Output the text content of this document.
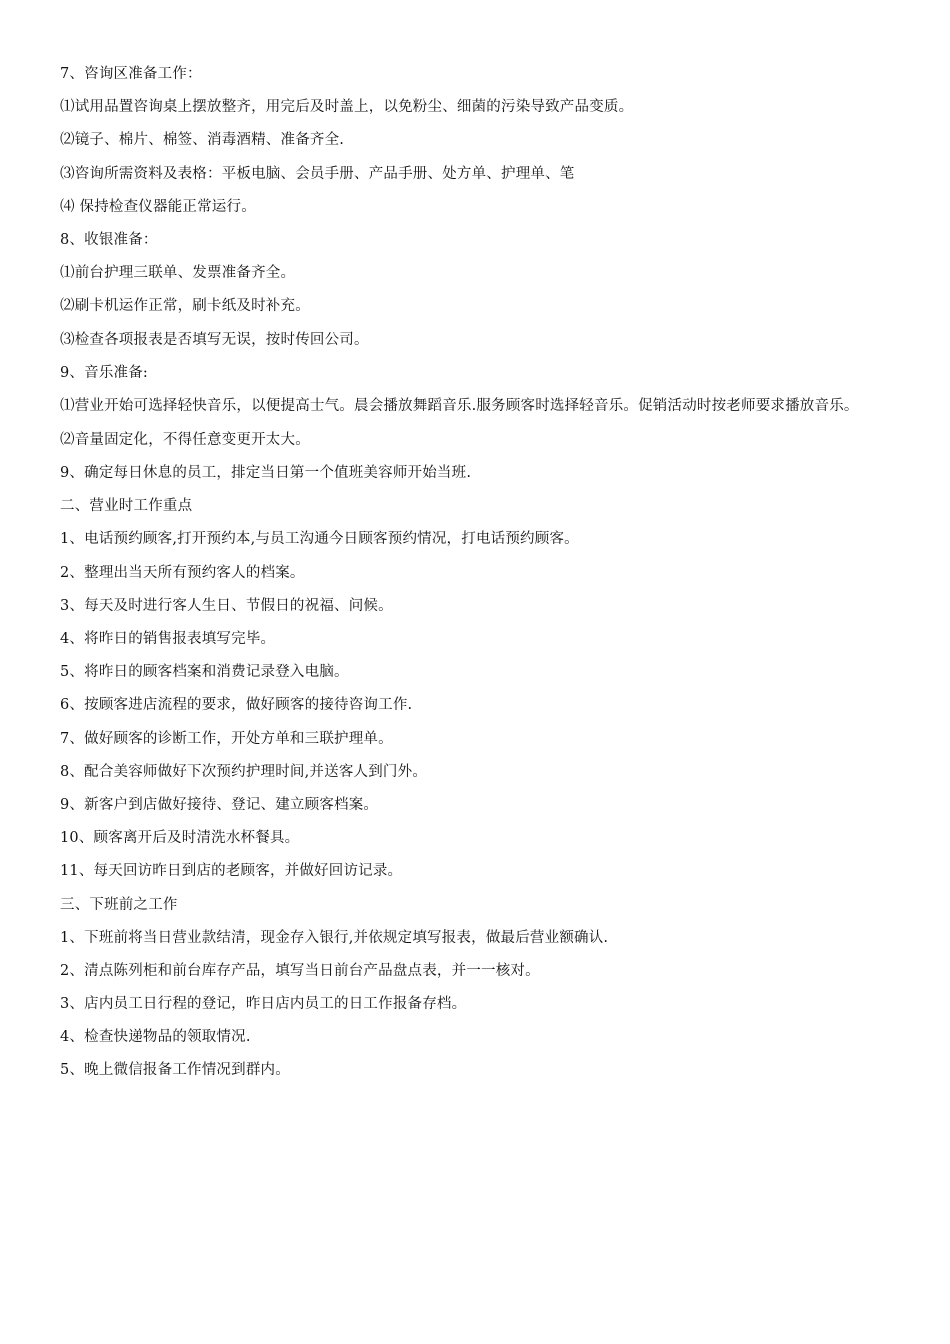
7、咨询区准备工作：
⑴试用品置咨询桌上摆放整齐，用完后及时盖上，以免粉尘、细菌的污染导致产品变质。
⑵镜子、棉片、棉签、消毒酒精、准备齐全.
⑶咨询所需资料及表格：平板电脑、会员手册、产品手册、处方单、护理单、笔
⑷ 保持检查仪器能正常运行。
8、收银准备：
⑴前台护理三联单、发票准备齐全。
⑵刷卡机运作正常，刷卡纸及时补充。
⑶检查各项报表是否填写无误，按时传回公司。
9、音乐准备:
⑴营业开始可选择轻快音乐，以便提高士气。晨会播放舞蹈音乐.服务顾客时选择轻音乐。促销活动时按老师要求播放音乐。
⑵音量固定化，不得任意变更开太大。
9、确定每日休息的员工，排定当日第一个值班美容师开始当班.
二、营业时工作重点
1、电话预约顾客,打开预约本,与员工沟通今日顾客预约情况，打电话预约顾客。
2、整理出当天所有预约客人的档案。
3、每天及时进行客人生日、节假日的祝福、问候。
4、将昨日的销售报表填写完毕。
5、将昨日的顾客档案和消费记录登入电脑。
6、按顾客进店流程的要求，做好顾客的接待咨询工作.
7、做好顾客的诊断工作，开处方单和三联护理单。
8、配合美容师做好下次预约护理时间,并送客人到门外。
9、新客户到店做好接待、登记、建立顾客档案。
10、顾客离开后及时清洗水杯餐具。
11、每天回访昨日到店的老顾客，并做好回访记录。
三、下班前之工作
1、下班前将当日营业款结清，现金存入银行,并依规定填写报表，做最后营业额确认.
2、清点陈列柜和前台库存产品，填写当日前台产品盘点表，并一一核对。
3、店内员工日行程的登记，昨日店内员工的日工作报备存档。
4、检查快递物品的领取情况.
5、晚上微信报备工作情况到群内。
